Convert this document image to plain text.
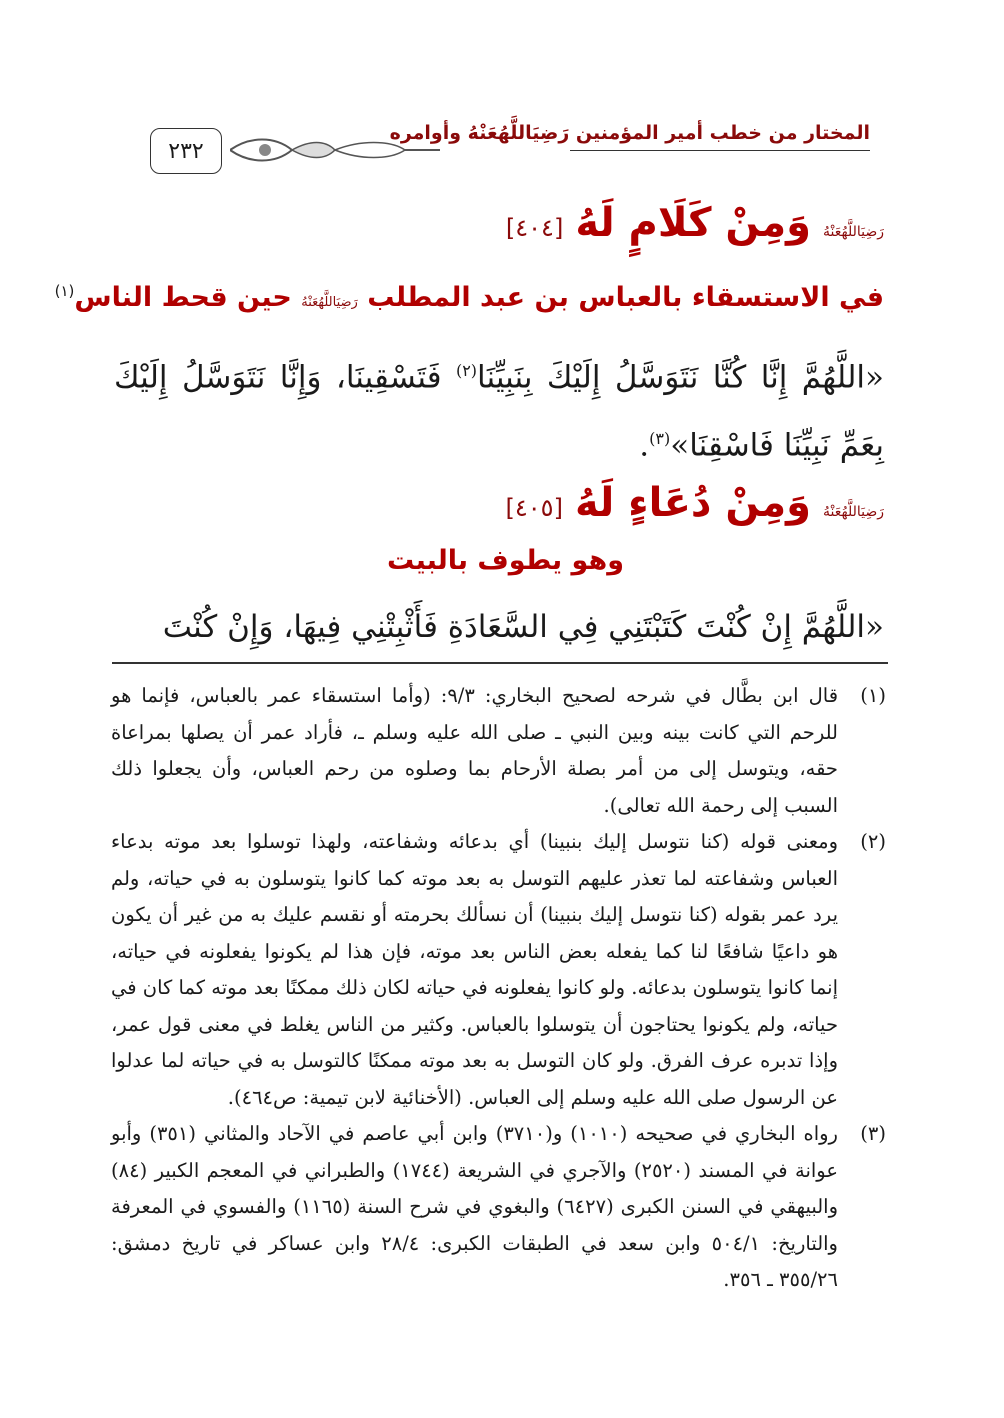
٢٣٢
المختار من خطب أمير المؤمنين رَضِيَاللَّهُعَنْهُ وأوامره
رَضِيَاللَّهُعَنْهُ
وَمِنْ كَلَامٍ لَهُ
[٤٠٤]
في الاستسقاء بالعباس بن عبد المطلب رَضِيَاللَّهُعَنْهُ حين قحط الناس$^{(١)}$
«اللَّهُمَّ إِنَّا كُنَّا نَتَوَسَّلُ إِلَيْكَ بِنَبِيِّنَا$^{(٢)}$ فَتَسْقِينَا، وَإِنَّا نَتَوَسَّلُ إِلَيْكَ بِعَمِّ نَبِيِّنَا فَاسْقِنَا»$^{(٣)}$.
رَضِيَاللَّهُعَنْهُ
وَمِنْ دُعَاءٍ لَهُ
[٤٠٥]
وهو يطوف بالبيت
«اللَّهُمَّ إِنْ كُنْتَ كَتَبْتَنِي فِي السَّعَادَةِ فَأَثْبِتْنِي فِيهَا، وَإِنْ كُنْتَ
(١)
قال ابن بطَّال في شرحه لصحيح البخاري: ٩/٣: (وأما استسقاء عمر بالعباس، فإنما هو للرحم التي كانت بينه وبين النبي ـ صلى الله عليه وسلم ـ، فأراد عمر أن يصلها بمراعاة حقه، ويتوسل إلى من أمر بصلة الأرحام بما وصلوه من رحم العباس، وأن يجعلوا ذلك السبب إلى رحمة الله تعالى).
(٢)
ومعنى قوله (كنا نتوسل إليك بنبينا) أي بدعائه وشفاعته، ولهذا توسلوا بعد موته بدعاء العباس وشفاعته لما تعذر عليهم التوسل به بعد موته كما كانوا يتوسلون به في حياته، ولم يرد عمر بقوله (كنا نتوسل إليك بنبينا) أن نسألك بحرمته أو نقسم عليك به من غير أن يكون هو داعيًا شافعًا لنا كما يفعله بعض الناس بعد موته، فإن هذا لم يكونوا يفعلونه في حياته، إنما كانوا يتوسلون بدعائه. ولو كانوا يفعلونه في حياته لكان ذلك ممكنًا بعد موته كما كان في حياته، ولم يكونوا يحتاجون أن يتوسلوا بالعباس. وكثير من الناس يغلط في معنى قول عمر، وإذا تدبره عرف الفرق. ولو كان التوسل به بعد موته ممكنًا كالتوسل به في حياته لما عدلوا عن الرسول صلى الله عليه وسلم إلى العباس. (الأخنائية لابن تيمية: ص٤٦٤).
(٣)
رواه البخاري في صحيحه (١٠١٠) و(٣٧١٠) وابن أبي عاصم في الآحاد والمثاني (٣٥١) وأبو عوانة في المسند (٢٥٢٠) والآجري في الشريعة (١٧٤٤) والطبراني في المعجم الكبير (٨٤) والبيهقي في السنن الكبرى (٦٤٢٧) والبغوي في شرح السنة (١١٦٥) والفسوي في المعرفة والتاريخ: ٥٠٤/١ وابن سعد في الطبقات الكبرى: ٢٨/٤ وابن عساكر في تاريخ دمشق: ٣٥٥/٢٦ ـ ٣٥٦.
